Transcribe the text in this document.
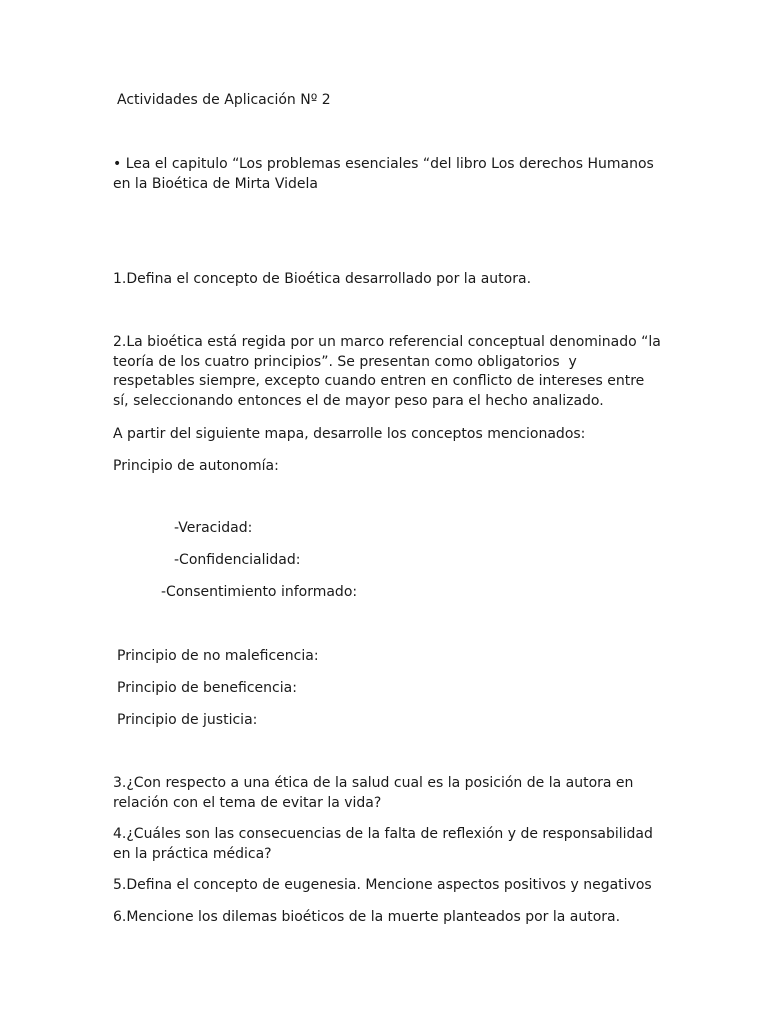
Actividades de Aplicación Nº 2

• Lea el capitulo “Los problemas esenciales “del libro Los derechos Humanos en la Bioética de Mirta Videla

1.Defina el concepto de Bioética desarrollado por la autora.

2.La bioética está regida por un marco referencial conceptual denominado “la teoría de los cuatro principios”. Se presentan como obligatorios  y respetables siempre, excepto cuando entren en conflicto de intereses entre sí, seleccionando entonces el de mayor peso para el hecho analizado.

A partir del siguiente mapa, desarrolle los conceptos mencionados:

Principio de autonomía:

-Veracidad:

-Confidencialidad:

-Consentimiento informado:

Principio de no maleficencia:

Principio de beneficencia:

Principio de justicia:

3.¿Con respecto a una ética de la salud cual es la posición de la autora en relación con el tema de evitar la vida?

4.¿Cuáles son las consecuencias de la falta de reflexión y de responsabilidad en la práctica médica?

5.Defina el concepto de eugenesia. Mencione aspectos positivos y negativos

6.Mencione los dilemas bioéticos de la muerte planteados por la autora.
